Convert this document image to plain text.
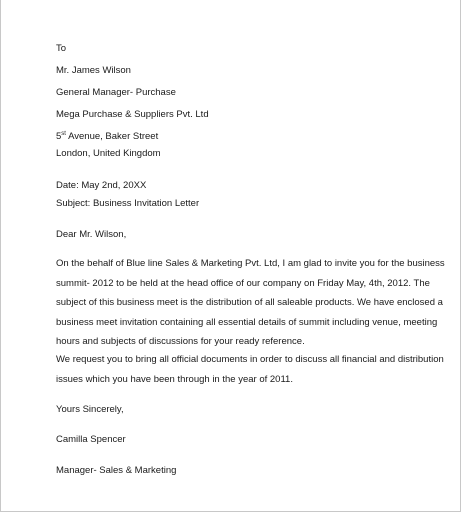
To
Mr. James Wilson
General Manager- Purchase
Mega Purchase & Suppliers Pvt. Ltd
5st Avenue, Baker Street
London, United Kingdom
Date: May 2nd, 20XX
Subject: Business Invitation Letter
Dear Mr. Wilson,
On the behalf of Blue line Sales & Marketing Pvt. Ltd, I am glad to invite you for the business
summit- 2012 to be held at the head office of our company on Friday May, 4th, 2012. The
subject of this business meet is the distribution of all saleable products. We have enclosed a
business meet invitation containing all essential details of summit including venue, meeting
hours and subjects of discussions for your ready reference.
We request you to bring all official documents in order to discuss all financial and distribution
issues which you have been through in the year of 2011.
Yours Sincerely,
Camilla Spencer
Manager- Sales & Marketing
